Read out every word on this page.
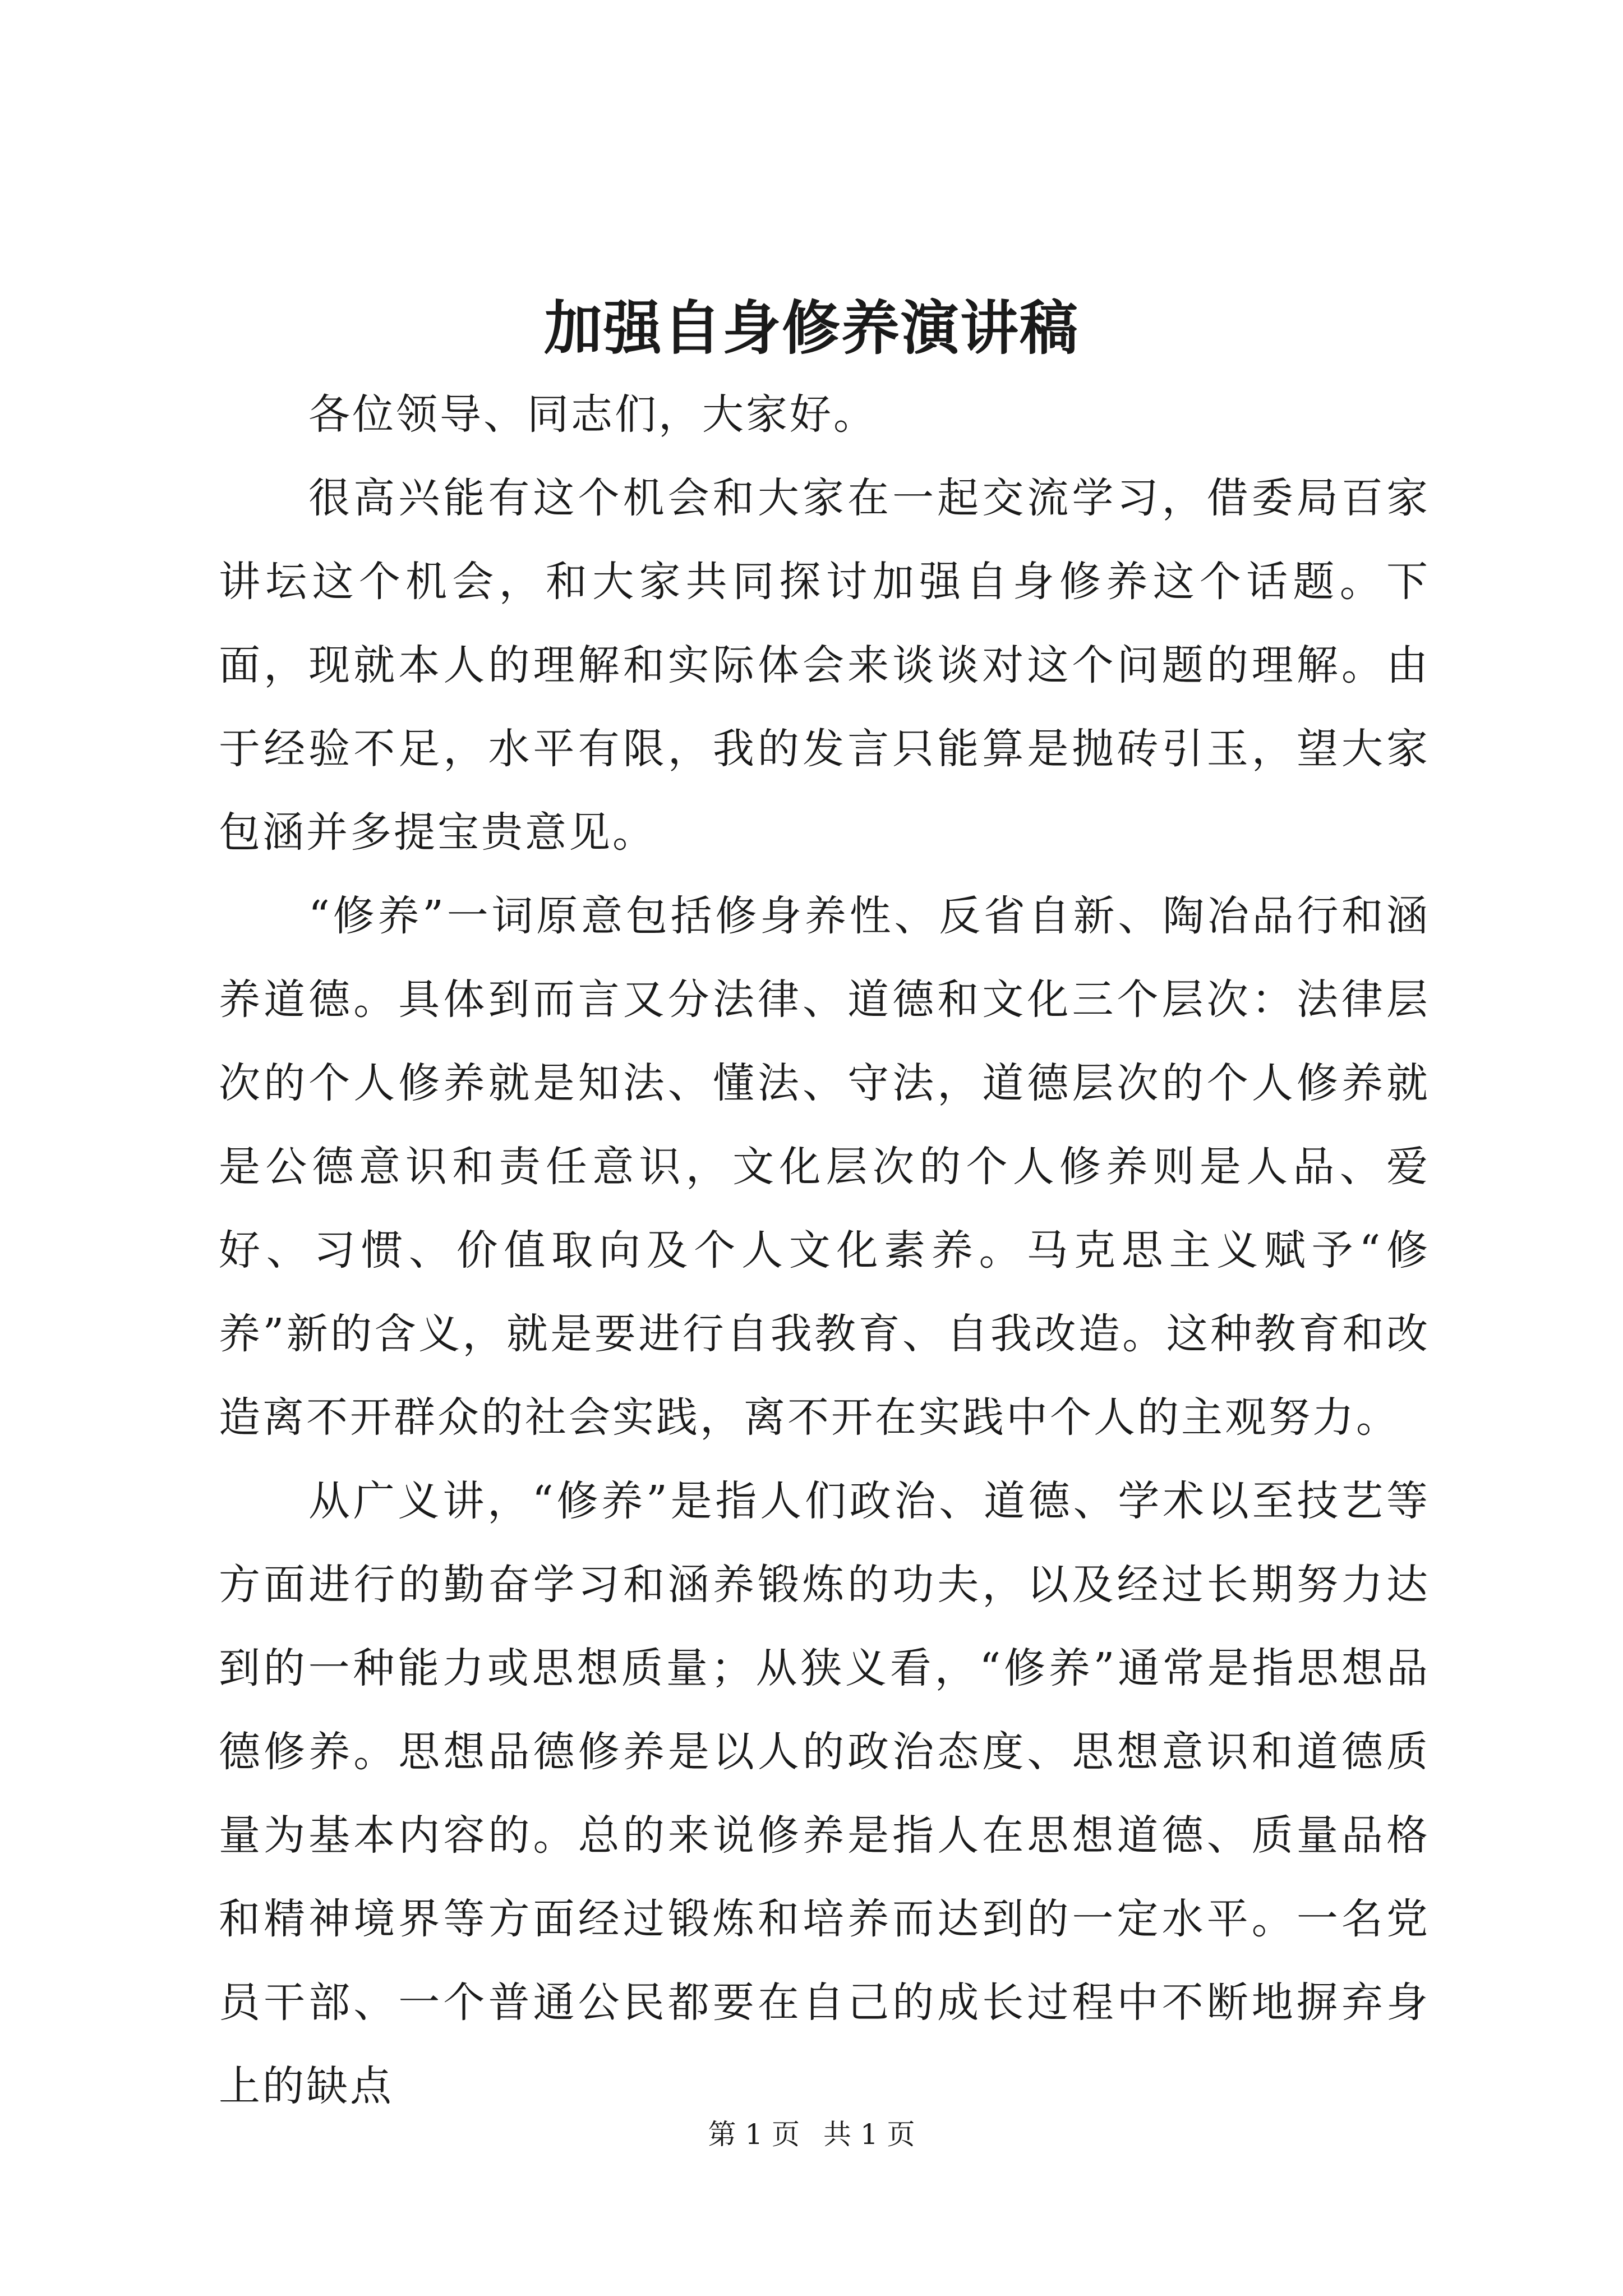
加强自身修养演讲稿

各位领导、同志们，大家好。

很高兴能有这个机会和大家在一起交流学习，借委局百家讲坛这个机会，和大家共同探讨加强自身修养这个话题。下面，现就本人的理解和实际体会来谈谈对这个问题的理解。由于经验不足，水平有限，我的发言只能算是抛砖引玉，望大家包涵并多提宝贵意见。

“修养”一词原意包括修身养性、反省自新、陶冶品行和涵养道德。具体到而言又分法律、道德和文化三个层次：法律层次的个人修养就是知法、懂法、守法，道德层次的个人修养就是公德意识和责任意识，文化层次的个人修养则是人品、爱好、习惯、价值取向及个人文化素养。马克思主义赋予“修养”新的含义，就是要进行自我教育、自我改造。这种教育和改造离不开群众的社会实践，离不开在实践中个人的主观努力。

从广义讲，“修养”是指人们政治、道德、学术以至技艺等方面进行的勤奋学习和涵养锻炼的功夫，以及经过长期努力达到的一种能力或思想质量；从狭义看，“修养”通常是指思想品德修养。思想品德修养是以人的政治态度、思想意识和道德质量为基本内容的。总的来说修养是指人在思想道德、质量品格和精神境界等方面经过锻炼和培养而达到的一定水平。一名党员干部、一个普通公民都要在自己的成长过程中不断地摒弃身上的缺点

第 1 页 共 1 页
